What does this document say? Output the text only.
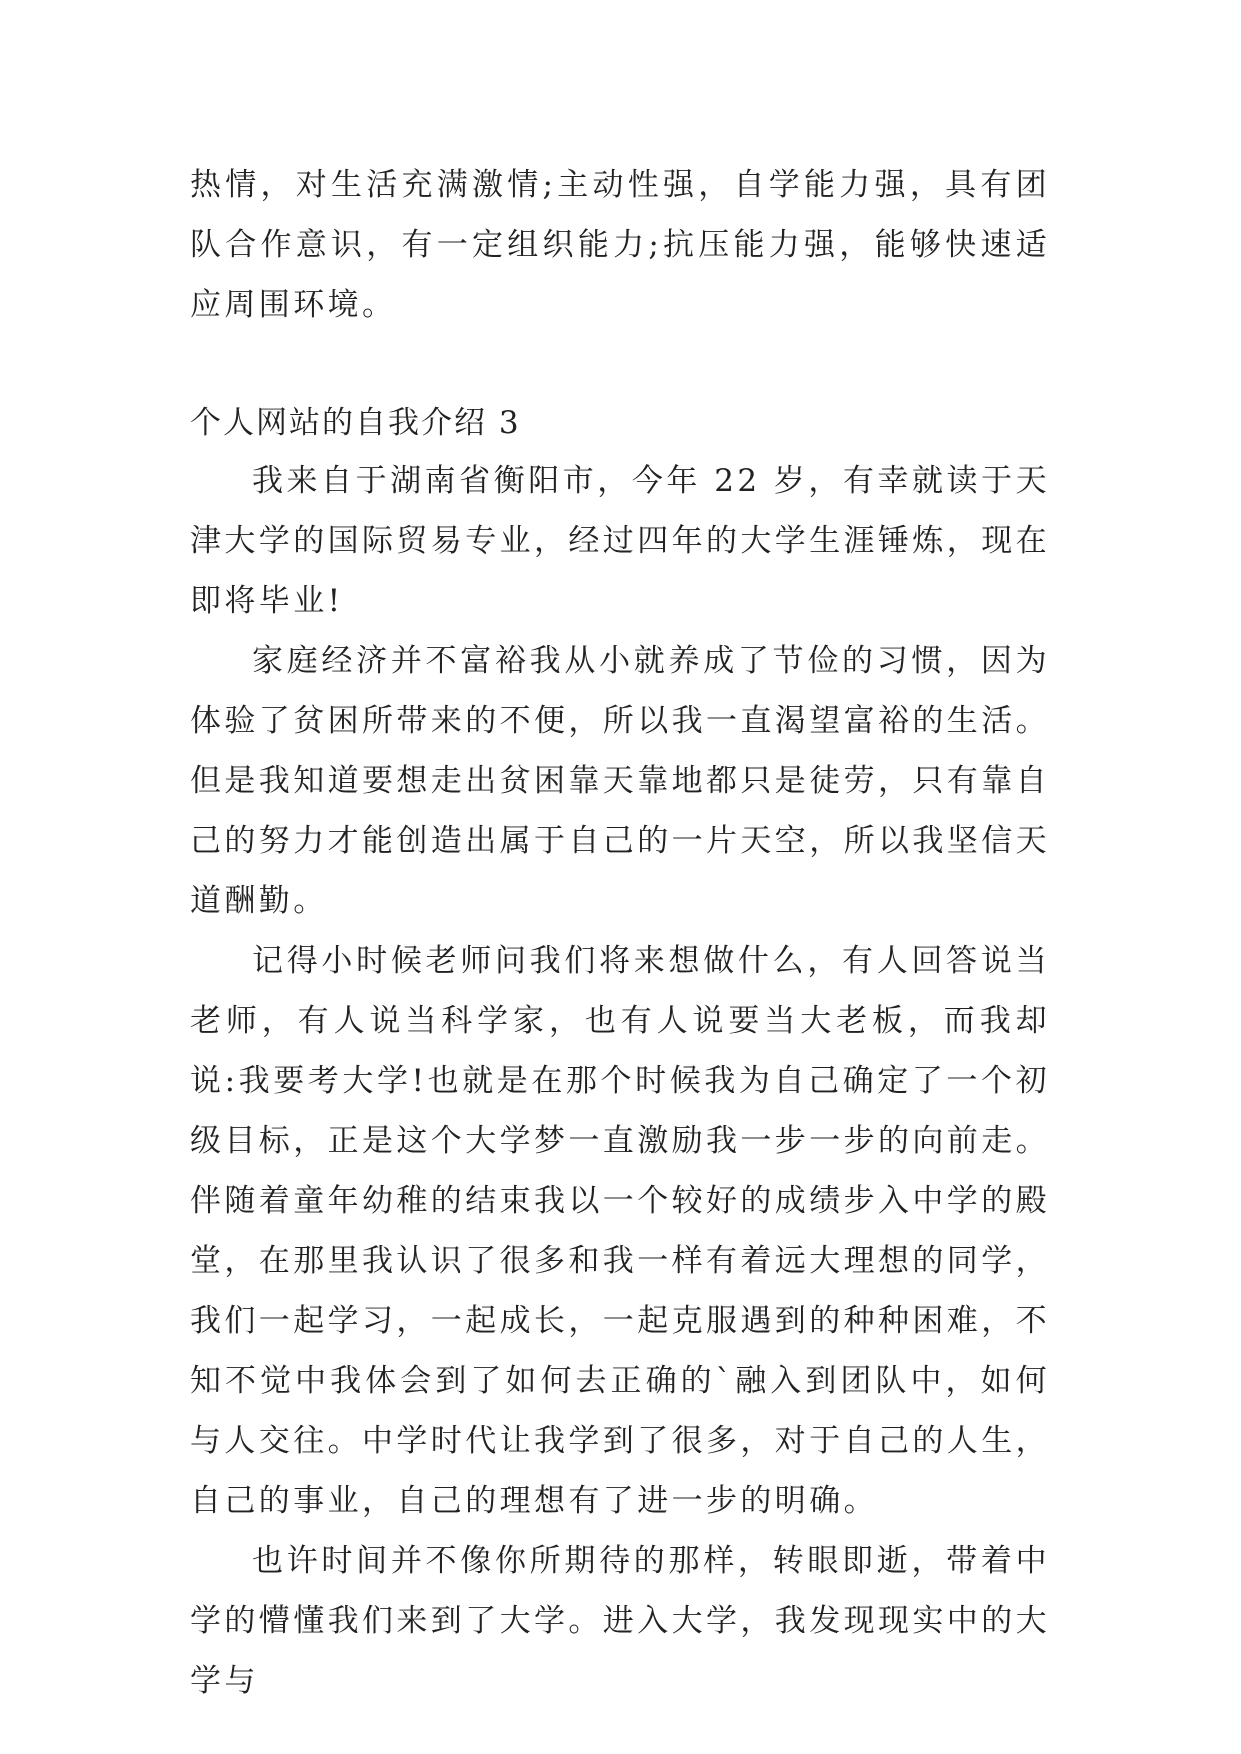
热情，对生活充满激情;主动性强，自学能力强，具有团队合作意识，有一定组织能力;抗压能力强，能够快速适应周围环境。

个人网站的自我介绍 3

我来自于湖南省衡阳市，今年 22 岁，有幸就读于天津大学的国际贸易专业，经过四年的大学生涯锤炼，现在即将毕业!

家庭经济并不富裕我从小就养成了节俭的习惯，因为体验了贫困所带来的不便，所以我一直渴望富裕的生活。但是我知道要想走出贫困靠天靠地都只是徒劳，只有靠自己的努力才能创造出属于自己的一片天空，所以我坚信天道酬勤。

记得小时候老师问我们将来想做什么，有人回答说当老师，有人说当科学家，也有人说要当大老板，而我却说:我要考大学!也就是在那个时候我为自己确定了一个初级目标，正是这个大学梦一直激励我一步一步的向前走。伴随着童年幼稚的结束我以一个较好的成绩步入中学的殿堂，在那里我认识了很多和我一样有着远大理想的同学，我们一起学习，一起成长，一起克服遇到的种种困难，不知不觉中我体会到了如何去正确的`融入到团队中，如何与人交往。中学时代让我学到了很多，对于自己的人生，自己的事业，自己的理想有了进一步的明确。

也许时间并不像你所期待的那样，转眼即逝，带着中学的懵懂我们来到了大学。进入大学，我发现现实中的大学与
